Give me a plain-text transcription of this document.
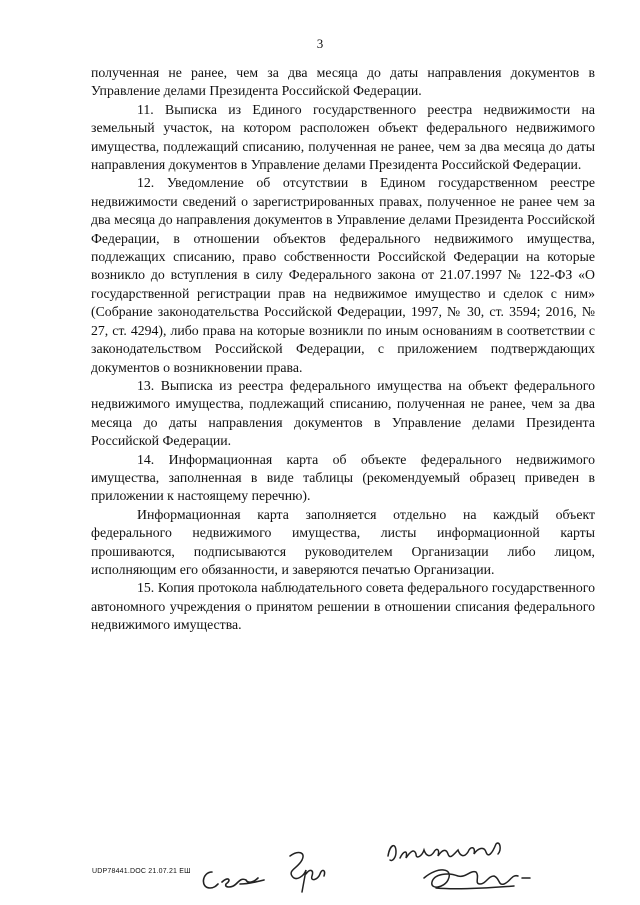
3

полученная не ранее, чем за два месяца до даты направления документов в Управление делами Президента Российской Федерации.

11. Выписка из Единого государственного реестра недвижимости на земельный участок, на котором расположен объект федерального недвижимого имущества, подлежащий списанию, полученная не ранее, чем за два месяца до даты направления документов в Управление делами Президента Российской Федерации.

12. Уведомление об отсутствии в Едином государственном реестре недвижимости сведений о зарегистрированных правах, полученное не ранее чем за два месяца до направления документов в Управление делами Президента Российской Федерации, в отношении объектов федерального недвижимого имущества, подлежащих списанию, право собственности Российской Федерации на которые возникло до вступления в силу Федерального закона от 21.07.1997 № 122-ФЗ «О государственной регистрации прав на недвижимое имущество и сделок с ним» (Собрание законодательства Российской Федерации, 1997, № 30, ст. 3594; 2016, № 27, ст. 4294), либо права на которые возникли по иным основаниям в соответствии с законодательством Российской Федерации, с приложением подтверждающих документов о возникновении права.

13. Выписка из реестра федерального имущества на объект федерального недвижимого имущества, подлежащий списанию, полученная не ранее, чем за два месяца до даты направления документов в Управление делами Президента Российской Федерации.

14. Информационная карта об объекте федерального недвижимого имущества, заполненная в виде таблицы (рекомендуемый образец приведен в приложении к настоящему перечню).

Информационная карта заполняется отдельно на каждый объект федерального недвижимого имущества, листы информационной карты прошиваются, подписываются руководителем Организации либо лицом, исполняющим его обязанности, и заверяются печатью Организации.

15. Копия протокола наблюдательного совета федерального государственного автономного учреждения о принятом решении в отношении списания федерального недвижимого имущества.

UDP78441.DOC 21.07.21 ЕШ
